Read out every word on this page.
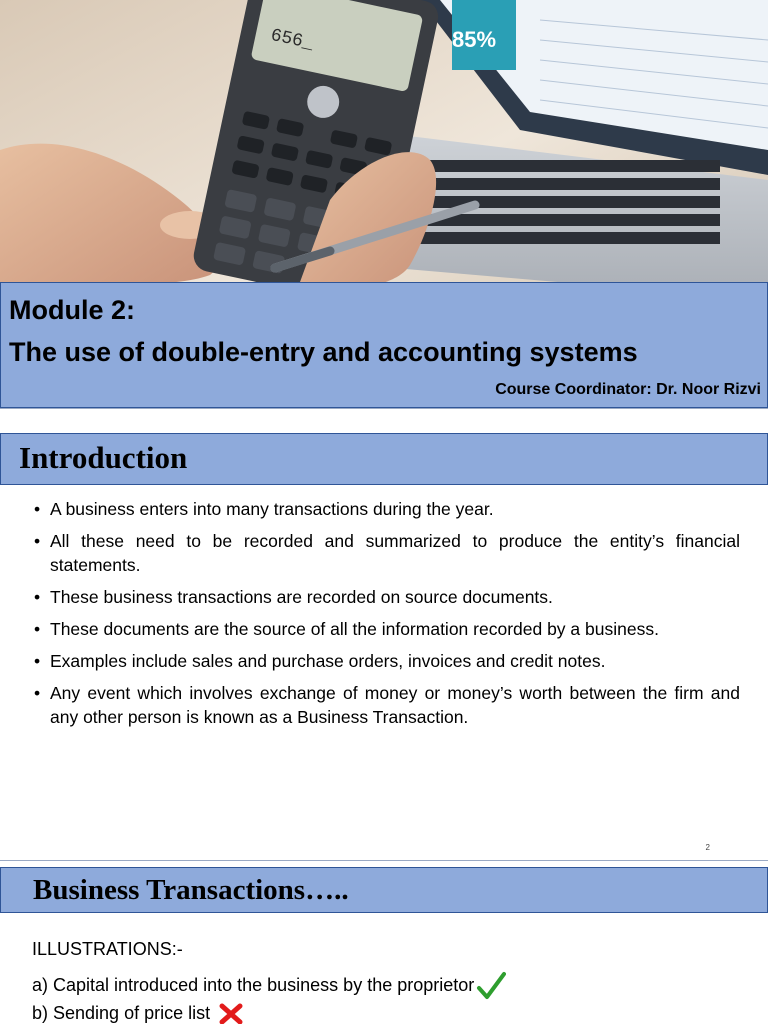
85%
656_
Module 2:
The use of double-entry and accounting systems
Course Coordinator: Dr. Noor Rizvi
Introduction
• A business enters into many transactions during the year.
• All these need to be recorded and summarized to produce the entity’s financial statements.
• These business transactions are recorded on source documents.
• These documents are the source of all the information recorded by a business.
• Examples include sales and purchase orders, invoices and credit notes.
• Any event which involves exchange of money or money’s worth between the firm and any other person is known as a Business Transaction.
2
Business Transactions…..
ILLUSTRATIONS:-
a) Capital introduced into the business by the proprietor
b) Sending of price list
